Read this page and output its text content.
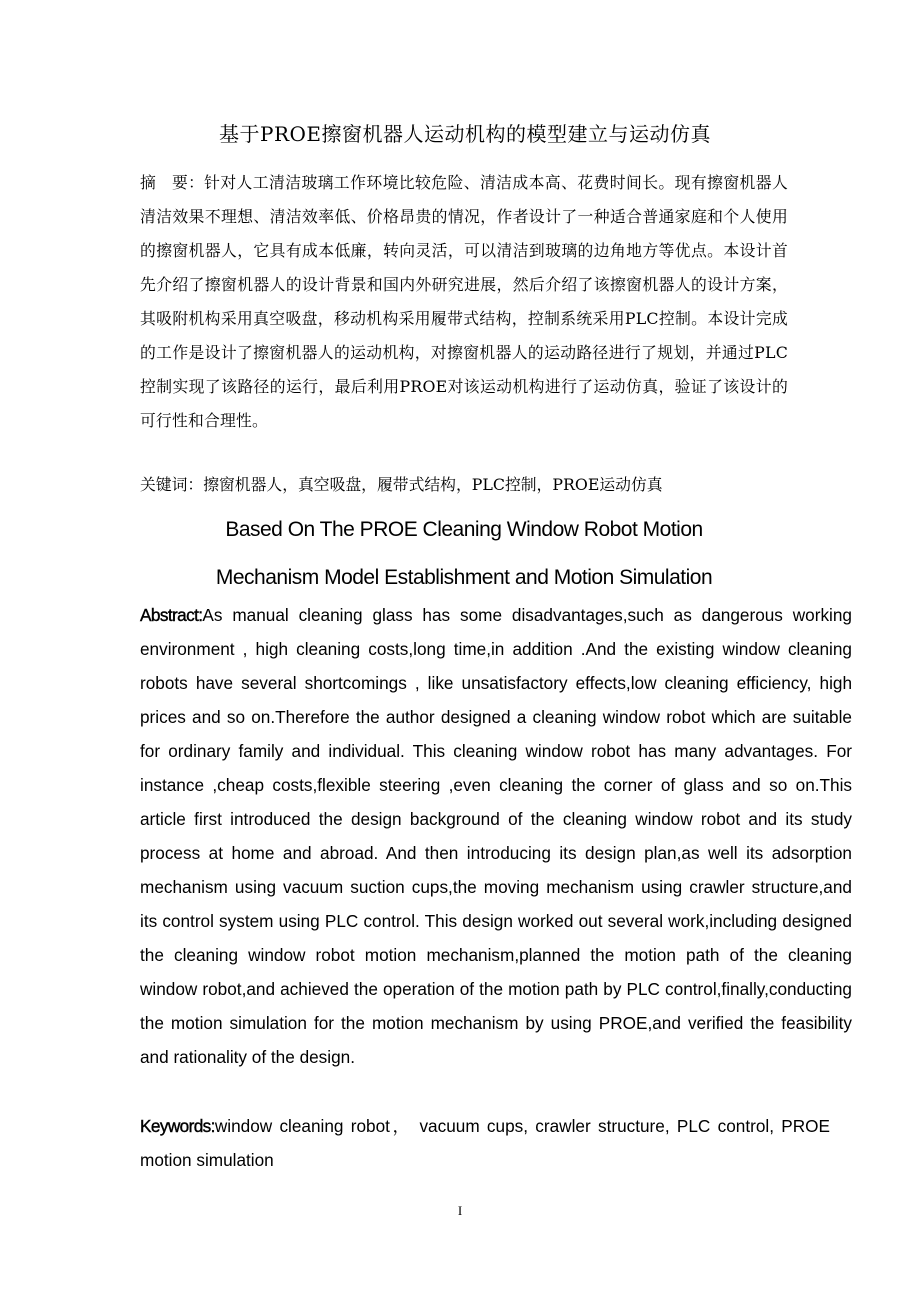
基于PROE擦窗机器人运动机构的模型建立与运动仿真
摘　要：针对人工清洁玻璃工作环境比较危险、清洁成本高、花费时间长。现有擦窗机器人清洁效果不理想、清洁效率低、价格昂贵的情况，作者设计了一种适合普通家庭和个人使用的擦窗机器人，它具有成本低廉，转向灵活，可以清洁到玻璃的边角地方等优点。本设计首先介绍了擦窗机器人的设计背景和国内外研究进展，然后介绍了该擦窗机器人的设计方案，其吸附机构采用真空吸盘，移动机构采用履带式结构，控制系统采用PLC控制。本设计完成的工作是设计了擦窗机器人的运动机构，对擦窗机器人的运动路径进行了规划，并通过PLC控制实现了该路径的运行，最后利用PROE对该运动机构进行了运动仿真，验证了该设计的可行性和合理性。
关键词：擦窗机器人，真空吸盘，履带式结构，PLC控制，PROE运动仿真
Based On The PROE Cleaning Window Robot Motion
Mechanism Model Establishment and Motion Simulation
Abstract:As manual cleaning glass has some disadvantages,such as dangerous working environment , high cleaning costs,long time,in addition .And the existing window cleaning robots have several shortcomings , like unsatisfactory effects,low cleaning efficiency, high prices and so on.Therefore the author designed a cleaning window robot which are suitable for ordinary family and individual. This cleaning window robot has many advantages. For instance ,cheap costs,flexible steering ,even cleaning the corner of glass and so on.This article first introduced the design background of the cleaning window robot and its study process at home and abroad. And then introducing its design plan,as well its adsorption mechanism using vacuum suction cups,the moving mechanism using crawler structure,and its control system using PLC control. This design worked out several work,including designed the cleaning window robot motion mechanism,planned the motion path of the cleaning window robot,and achieved the operation of the motion path by PLC control,finally,conducting the motion simulation for the motion mechanism by using PROE,and verified the feasibility and rationality of the design.
Keywords:window cleaning robot， vacuum cups, crawler structure, PLC control, PROE motion simulation
I
